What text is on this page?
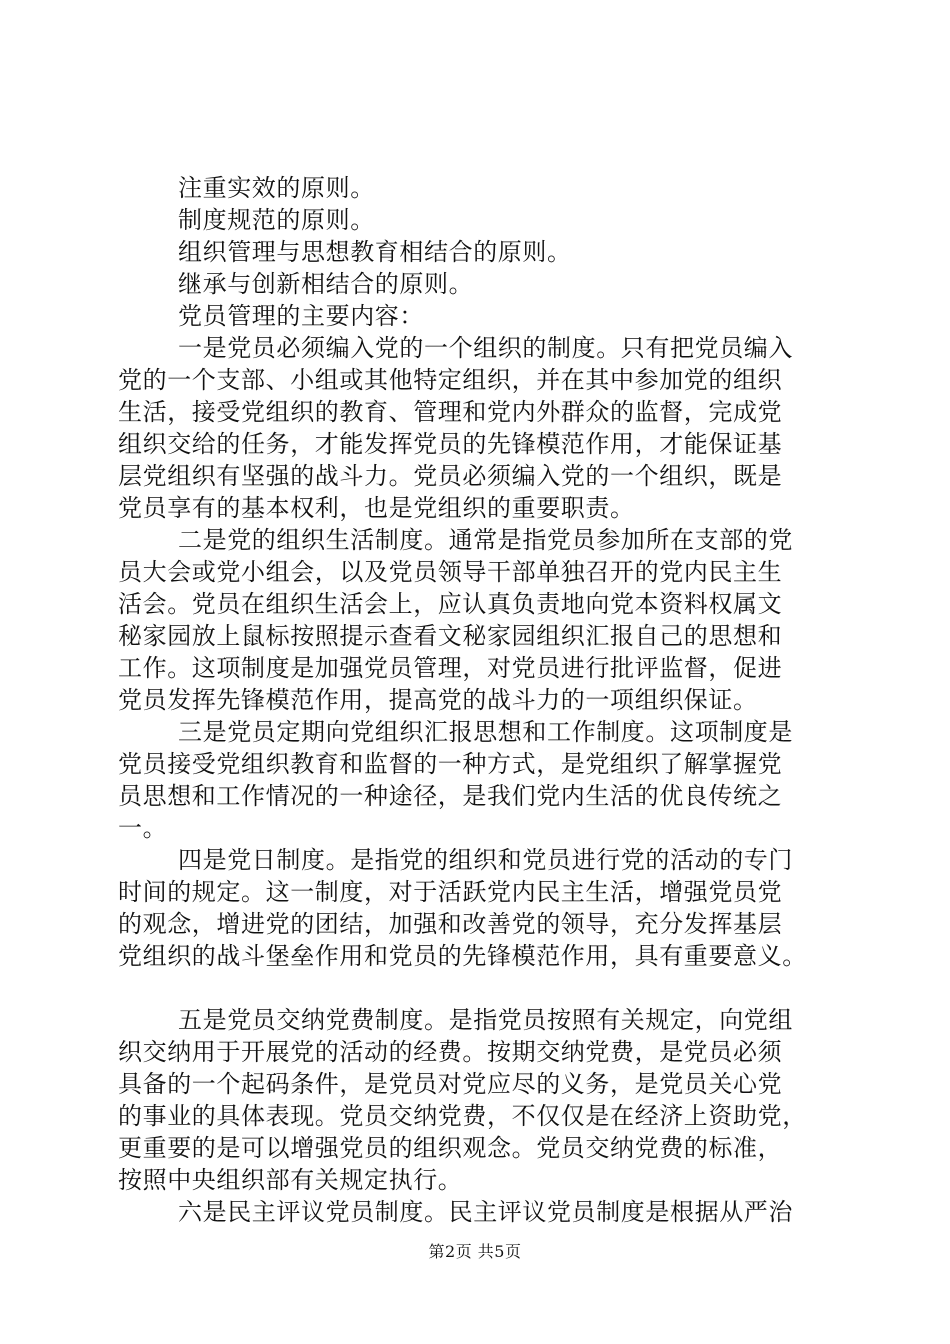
注重实效的原则。
制度规范的原则。
组织管理与思想教育相结合的原则。
继承与创新相结合的原则。
党员管理的主要内容：
一是党员必须编入党的一个组织的制度。只有把党员编入
党的一个支部、小组或其他特定组织，并在其中参加党的组织
生活，接受党组织的教育、管理和党内外群众的监督，完成党
组织交给的任务，才能发挥党员的先锋模范作用，才能保证基
层党组织有坚强的战斗力。党员必须编入党的一个组织，既是
党员享有的基本权利，也是党组织的重要职责。
二是党的组织生活制度。通常是指党员参加所在支部的党
员大会或党小组会，以及党员领导干部单独召开的党内民主生
活会。党员在组织生活会上，应认真负责地向党本资料权属文
秘家园放上鼠标按照提示查看文秘家园组织汇报自己的思想和
工作。这项制度是加强党员管理，对党员进行批评监督，促进
党员发挥先锋模范作用，提高党的战斗力的一项组织保证。
三是党员定期向党组织汇报思想和工作制度。这项制度是
党员接受党组织教育和监督的一种方式，是党组织了解掌握党
员思想和工作情况的一种途径，是我们党内生活的优良传统之
一。
四是党日制度。是指党的组织和党员进行党的活动的专门
时间的规定。这一制度，对于活跃党内民主生活，增强党员党
的观念，增进党的团结，加强和改善党的领导，充分发挥基层
党组织的战斗堡垒作用和党员的先锋模范作用，具有重要意义。
五是党员交纳党费制度。是指党员按照有关规定，向党组
织交纳用于开展党的活动的经费。按期交纳党费，是党员必须
具备的一个起码条件，是党员对党应尽的义务，是党员关心党
的事业的具体表现。党员交纳党费，不仅仅是在经济上资助党，
更重要的是可以增强党员的组织观念。党员交纳党费的标准，
按照中央组织部有关规定执行。
六是民主评议党员制度。民主评议党员制度是根据从严治
第2页 共5页
